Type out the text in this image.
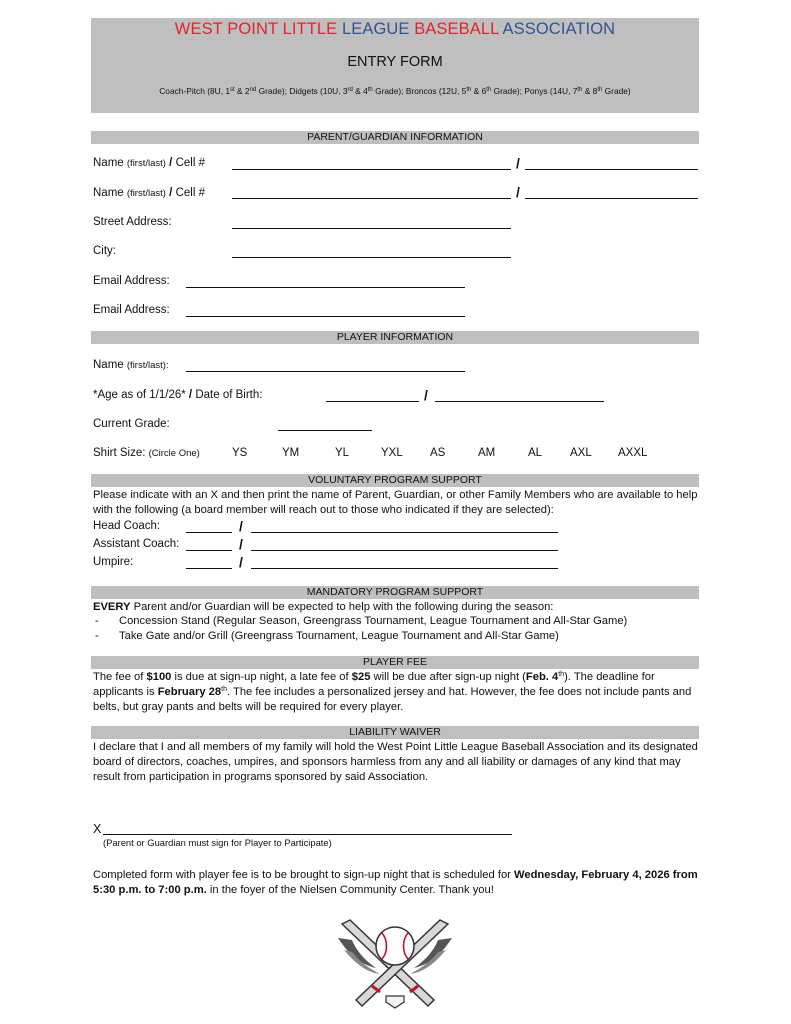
WEST POINT LITTLE LEAGUE BASEBALL ASSOCIATION
ENTRY FORM
Coach-Pitch (8U, 1st & 2nd Grade); Didgets (10U, 3rd & 4th Grade); Broncos (12U, 5th & 6th Grade); Ponys (14U, 7th & 8th Grade)
PARENT/GUARDIAN INFORMATION
Name (first/last) / Cell #	/
Name (first/last) / Cell #	/
Street Address:
City:
Email Address:
Email Address:
PLAYER INFORMATION
Name (first/last):
*Age as of 1/1/26* / Date of Birth:	/
Current Grade:
Shirt Size: (Circle One)	YS	YM	YL	YXL AS	AM	AL AXL AXXL
VOLUNTARY PROGRAM SUPPORT
Please indicate with an X and then print the name of Parent, Guardian, or other Family Members who are available to help with the following (a board member will reach out to those who indicated if they are selected):
Head Coach:	/
Assistant Coach:	/
Umpire:	/
MANDATORY PROGRAM SUPPORT
EVERY Parent and/or Guardian will be expected to help with the following during the season:
-	Concession Stand (Regular Season, Greengrass Tournament, League Tournament and All-Star Game)
-	Take Gate and/or Grill (Greengrass Tournament, League Tournament and All-Star Game)
PLAYER FEE
The fee of $100 is due at sign-up night, a late fee of $25 will be due after sign-up night (Feb. 4th). The deadline for applicants is February 28th. The fee includes a personalized jersey and hat. However, the fee does not include pants and belts, but gray pants and belts will be required for every player.
LIABILITY WAIVER
I declare that I and all members of my family will hold the West Point Little League Baseball Association and its designated board of directors, coaches, umpires, and sponsors harmless from any and all liability or damages of any kind that may result from participation in programs sponsored by said Association.
X
(Parent or Guardian must sign for Player to Participate)
Completed form with player fee is to be brought to sign-up night that is scheduled for Wednesday, February 4, 2026 from 5:30 p.m. to 7:00 p.m. in the foyer of the Nielsen Community Center. Thank you!
